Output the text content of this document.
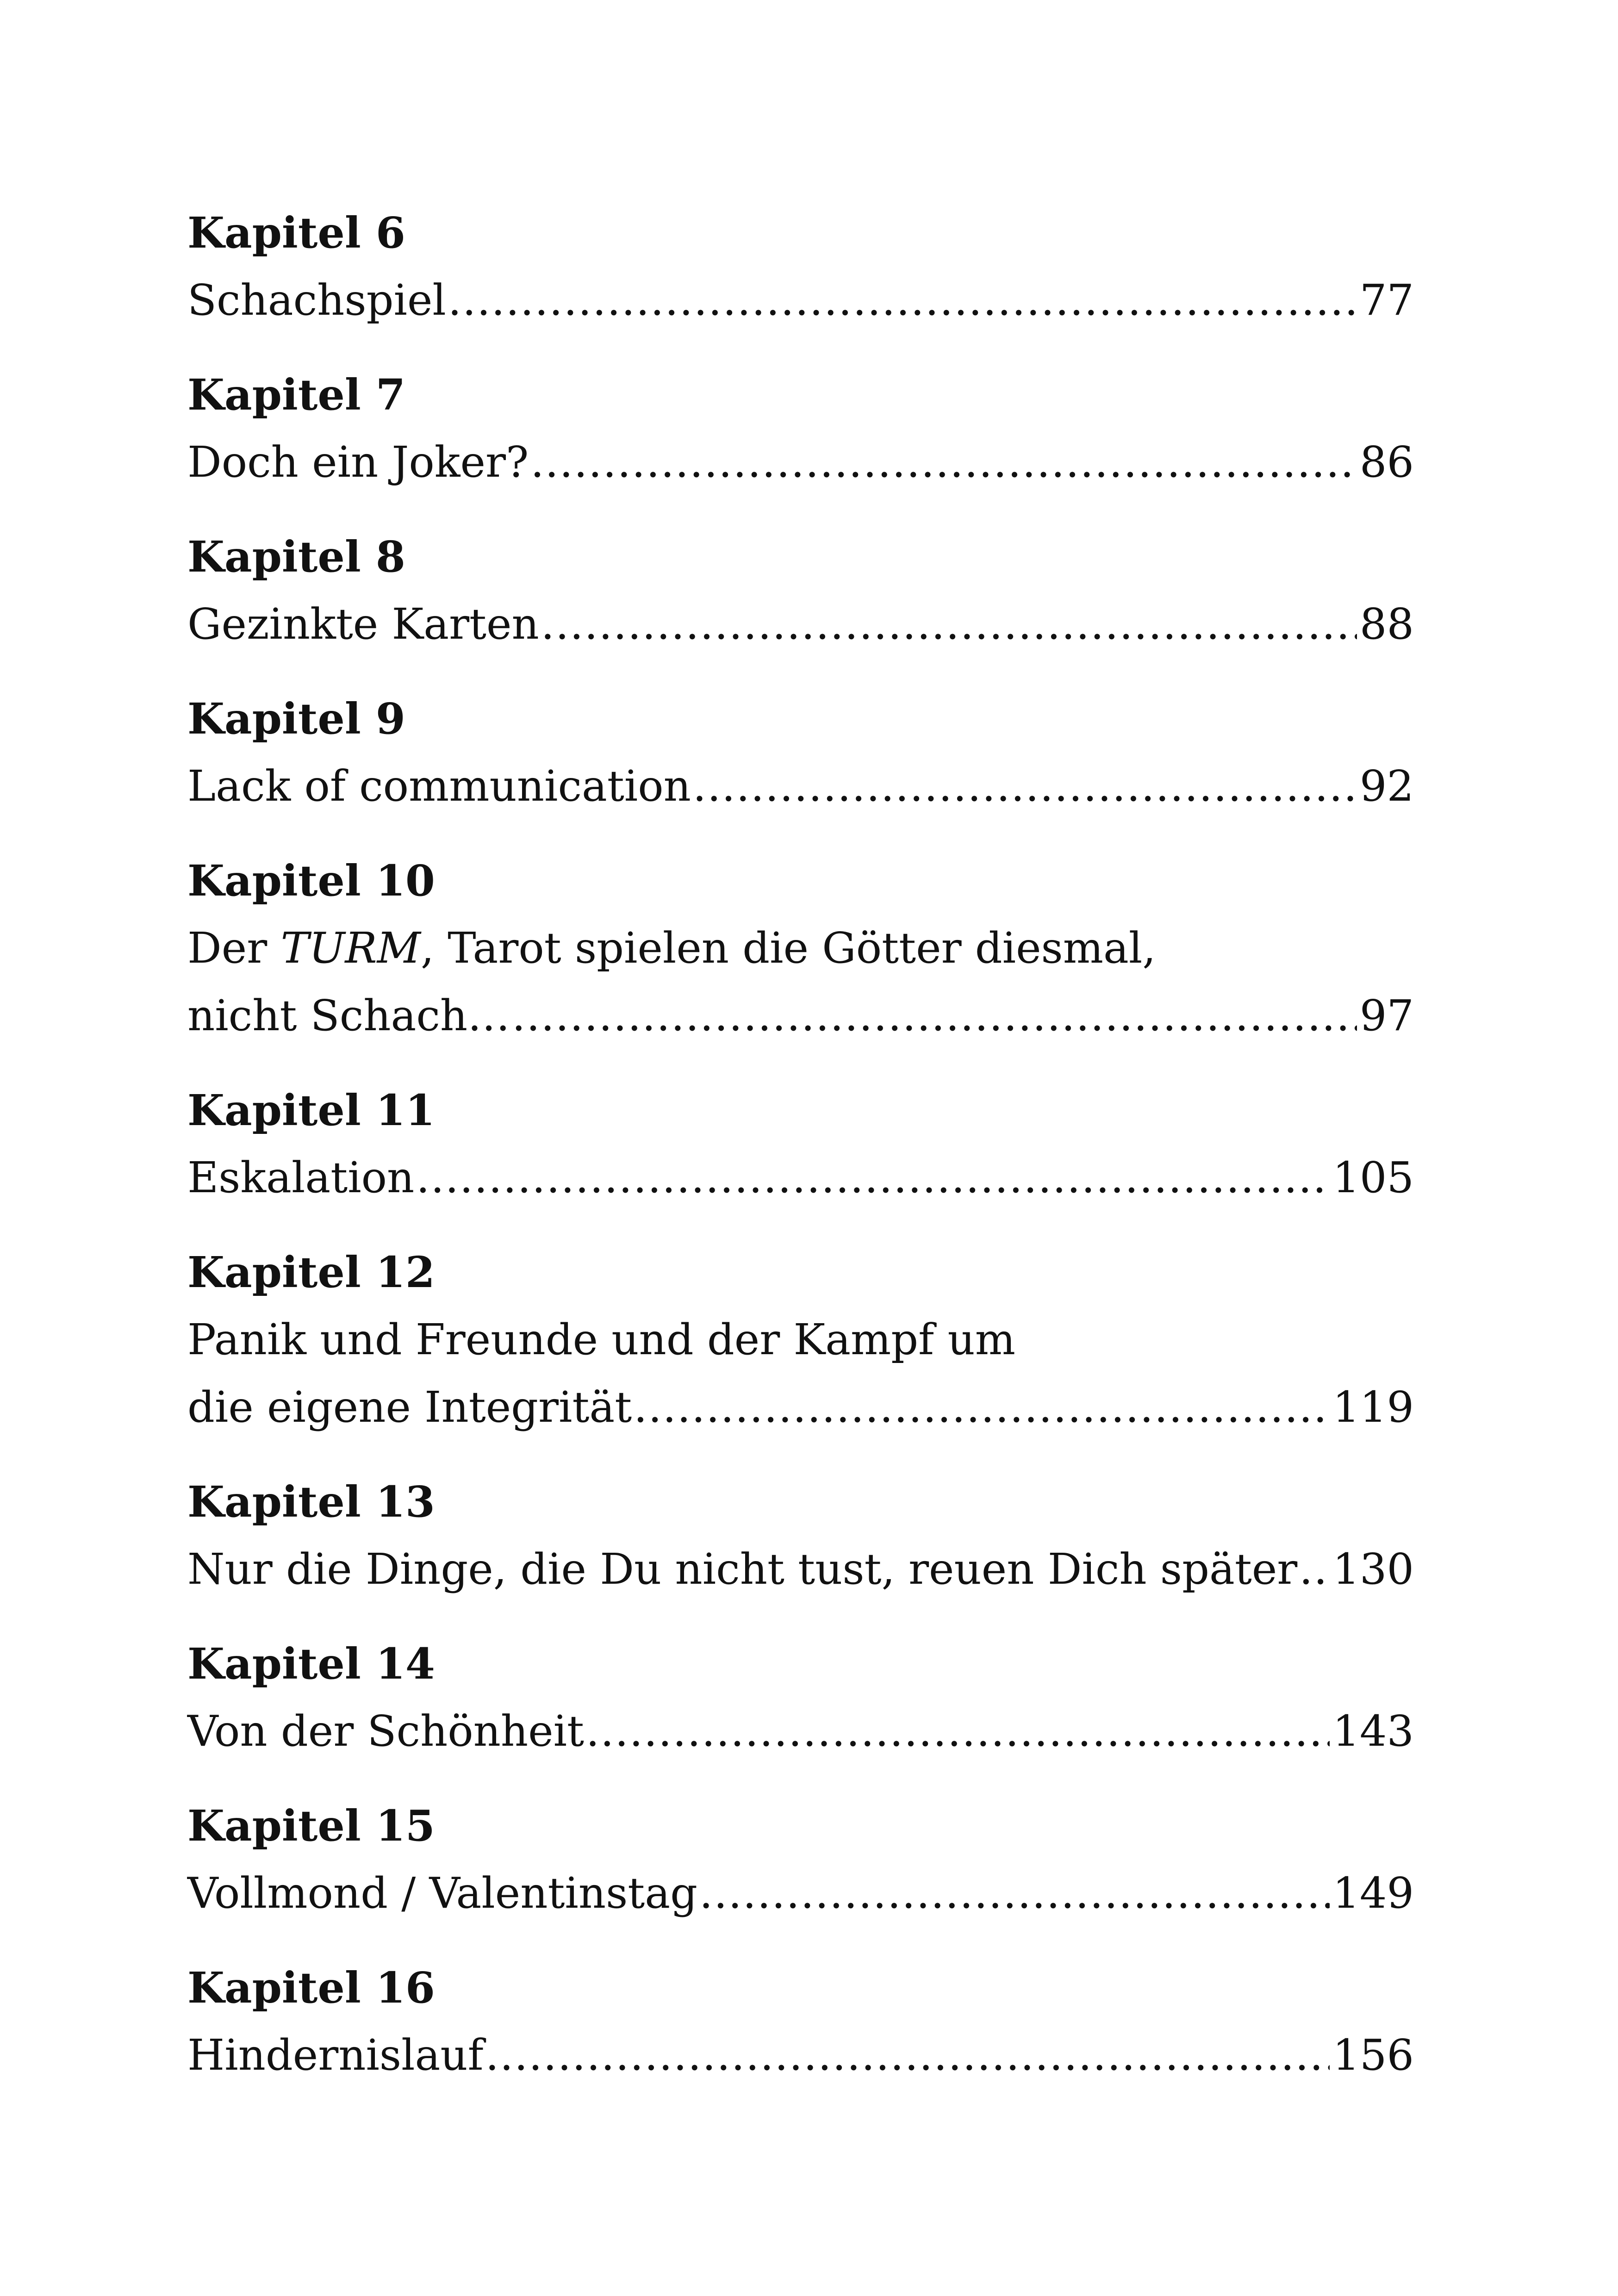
Kapitel 6
Schachspiel .....	77
Kapitel 7
Doch ein Joker? .....	86
Kapitel 8
Gezinkte Karten .....	88
Kapitel 9
Lack of communication .....	92
Kapitel 10
Der TURM, Tarot spielen die Götter diesmal,
nicht Schach… .....	97
Kapitel 11
Eskalation .....	105
Kapitel 12
Panik und Freunde und der Kampf um
die eigene Integrität .....	119
Kapitel 13
Nur die Dinge, die Du nicht tust, reuen Dich später ..... 130
Kapitel 14
Von der Schönheit .....	143
Kapitel 15
Vollmond / Valentinstag .....	149
Kapitel 16
Hindernislauf .....	156
